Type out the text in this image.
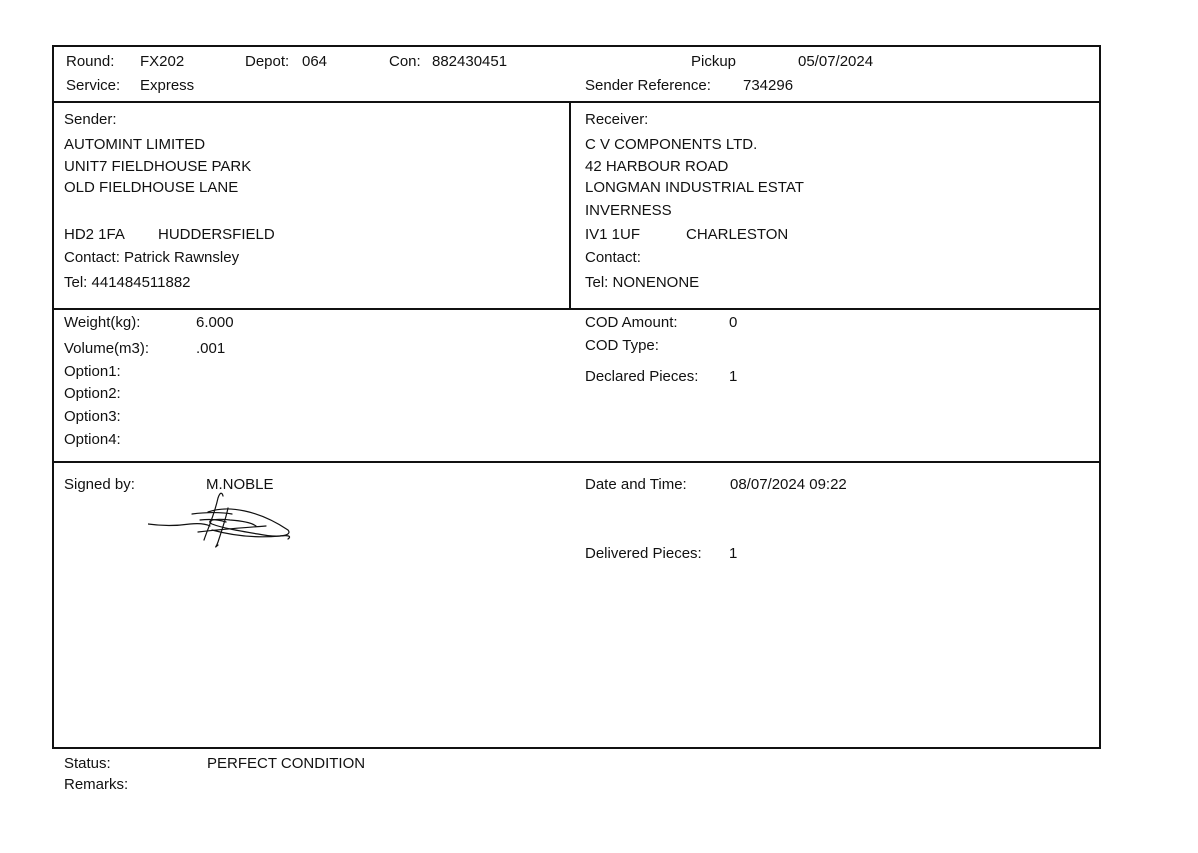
Round: FX202	Depot: 064	Con: 882430451
Service: Express
Pickup	05/07/2024
Sender Reference: 734296
Sender:
AUTOMINT LIMITED
UNIT7 FIELDHOUSE PARK
OLD FIELDHOUSE LANE
HD2 1FA HUDDERSFIELD
Contact: Patrick Rawnsley
Tel: 441484511882
Receiver:
C V COMPONENTS LTD.
42 HARBOUR ROAD
LONGMAN INDUSTRIAL ESTAT
INVERNESS
IV1 1UF	CHARLESTON
Contact:
Tel: NONENONE
Weight(kg):	6.000
Volume(m3):	.001
Option1:
Option2:
Option3:
Option4:
COD Amount:	0
COD Type:
Declared Pieces: 1
Signed by:	M.NOBLE	Date and Time:	08/07/2024 09:22
Delivered Pieces: 1
Status:	PERFECT CONDITION
Remarks:
